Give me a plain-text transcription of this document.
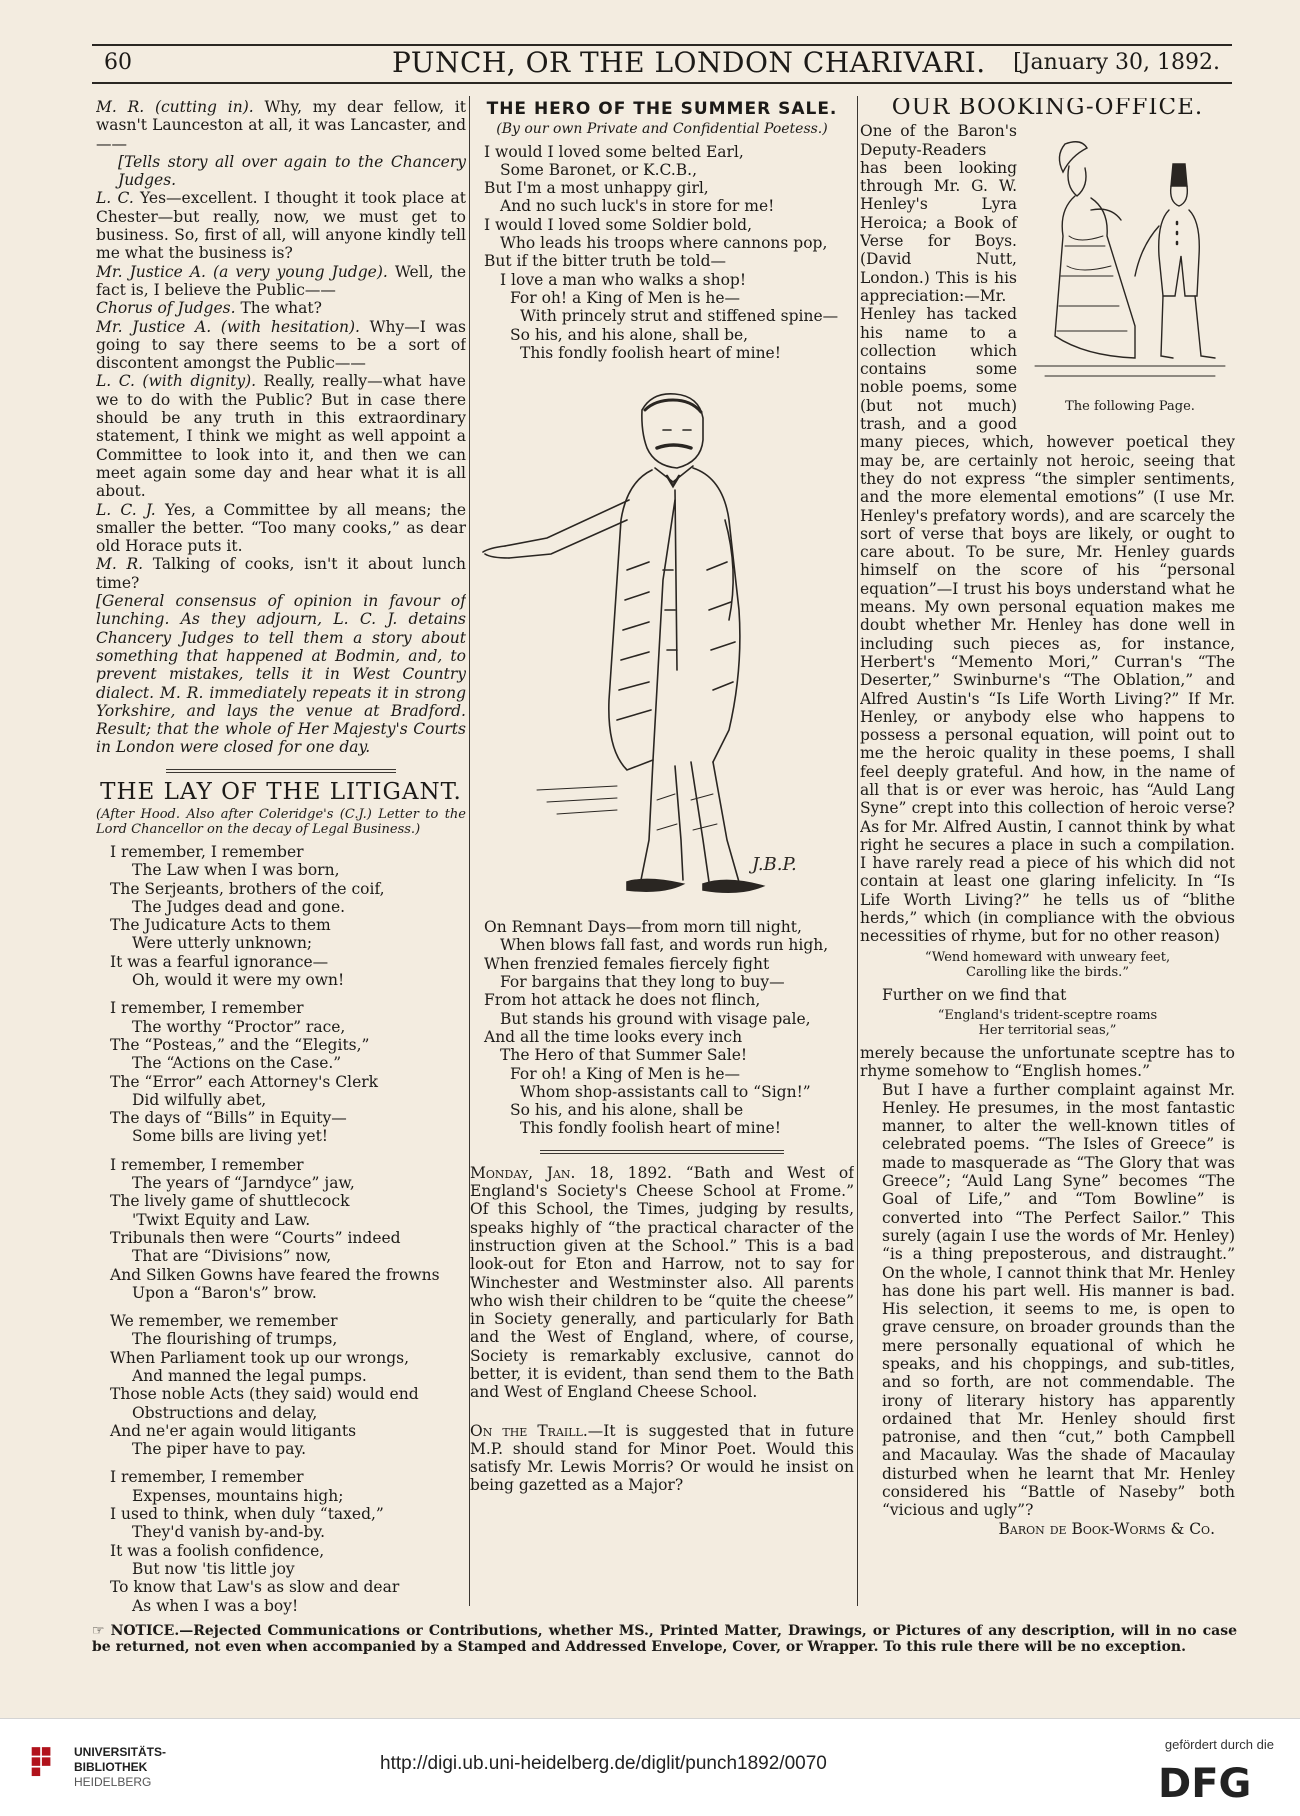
60	PUNCH, OR THE LONDON CHARIVARI. [January 30, 1892.

M. R. (cutting in). Why, my dear fellow, it wasn't Launceston at all, it was Lancaster, and——

[Tells story all over again to the Chancery Judges.

L. C. Yes—excellent. I thought it took place at Chester—but really, now, we must get to business. So, first of all, will anyone kindly tell me what the business is?

Mr. Justice A. (a very young Judge). Well, the fact is, I believe the Public——

Chorus of Judges. The what?

Mr. Justice A. (with hesitation). Why—I was going to say there seems to be a sort of discontent amongst the Public——

L. C. (with dignity). Really, really—what have we to do with the Public? But in case there should be any truth in this extraordinary statement, I think we might as well appoint a Committee to look into it, and then we can meet again some day and hear what it is all about.

L. C. J. Yes, a Committee by all means; the smaller the better. “Too many cooks,” as dear old Horace puts it.

M. R. Talking of cooks, isn't it about lunch time?

[General consensus of opinion in favour of lunching. As they adjourn, L. C. J. detains Chancery Judges to tell them a story about something that happened at Bodmin, and, to prevent mistakes, tells it in West Country dialect. M. R. immediately repeats it in strong Yorkshire, and lays the venue at Bradford. Result; that the whole of Her Majesty's Courts in London were closed for one day.

THE LAY OF THE LITIGANT.

(After Hood. Also after Coleridge's (C.J.) Letter to the Lord Chancellor on the decay of Legal Business.)

I remember, I remember

The Law when I was born,

The Serjeants, brothers of the coif,

The Judges dead and gone.

The Judicature Acts to them

Were utterly unknown;

It was a fearful ignorance—

Oh, would it were my own!

I remember, I remember

The worthy “Proctor” race,

The “Posteas,” and the “Elegits,”

The “Actions on the Case.”

The “Error” each Attorney's Clerk

Did wilfully abet,

The days of “Bills” in Equity—

Some bills are living yet!

I remember, I remember

The years of “Jarndyce” jaw,

The lively game of shuttlecock

'Twixt Equity and Law.

Tribunals then were “Courts” indeed

That are “Divisions” now,

And Silken Gowns have feared the frowns

Upon a “Baron's” brow.

We remember, we remember

The flourishing of trumps,

When Parliament took up our wrongs,

And manned the legal pumps.

Those noble Acts (they said) would end

Obstructions and delay,

And ne'er again would litigants

The piper have to pay.

I remember, I remember

Expenses, mountains high;

I used to think, when duly “taxed,”

They'd vanish by-and-by.

It was a foolish confidence,

But now 'tis little joy

To know that Law's as slow and dear

As when I was a boy!

THE HERO OF THE SUMMER SALE.
(By our own Private and Confidential Poetess.)

I would I loved some belted Earl,

Some Baronet, or K.C.B.,

But I'm a most unhappy girl,

And no such luck's in store for me!

I would I loved some Soldier bold,

Who leads his troops where cannons pop,

But if the bitter truth be told—

I love a man who walks a shop!

For oh! a King of Men is he—

With princely strut and stiffened spine—

So his, and his alone, shall be,

This fondly foolish heart of mine!

J.B.P.

On Remnant Days—from morn till night,

When blows fall fast, and words run high,

When frenzied females fiercely fight

For bargains that they long to buy—

From hot attack he does not flinch,

But stands his ground with visage pale,

And all the time looks every inch

The Hero of that Summer Sale!

For oh! a King of Men is he—

Whom shop-assistants call to “Sign!”

So his, and his alone, shall be

This fondly foolish heart of mine!

Monday, Jan. 18, 1892. “Bath and West of England's Society's Cheese School at Frome.” Of this School, the Times, judging by results, speaks highly of “the practical character of the instruction given at the School.” This is a bad look-out for Eton and Harrow, not to say for Winchester and Westminster also. All parents who wish their children to be “quite the cheese” in Society generally, and particularly for Bath and the West of England, where, of course, Society is remarkably exclusive, cannot do better, it is evident, than send them to the Bath and West of England Cheese School.

On the Traill.—It is suggested that in future M.P. should stand for Minor Poet. Would this satisfy Mr. Lewis Morris? Or would he insist on being gazetted as a Major?

OUR BOOKING-OFFICE.
The following Page.

One of the Baron's Deputy-Readers has been looking through Mr. G. W. Henley's Lyra Heroica; a Book of Verse for Boys. (David Nutt, London.) This is his appreciation:—Mr. Henley has tacked his name to a collection which contains some noble poems, some (but not much) trash, and a good many pieces, which, however poetical they may be, are certainly not heroic, seeing that they do not express “the simpler sentiments, and the more elemental emotions” (I use Mr. Henley's prefatory words), and are scarcely the sort of verse that boys are likely, or ought to care about. To be sure, Mr. Henley guards himself on the score of his “personal equation”—I trust his boys understand what he means. My own personal equation makes me doubt whether Mr. Henley has done well in including such pieces as, for instance, Herbert's “Memento Mori,” Curran's “The Deserter,” Swinburne's “The Oblation,” and Alfred Austin's “Is Life Worth Living?” If Mr. Henley, or anybody else who happens to possess a personal equation, will point out to me the heroic quality in these poems, I shall feel deeply grateful. And how, in the name of all that is or ever was heroic, has “Auld Lang Syne” crept into this collection of heroic verse? As for Mr. Alfred Austin, I cannot think by what right he secures a place in such a compilation. I have rarely read a piece of his which did not contain at least one glaring infelicity. In “Is Life Worth Living?” he tells us of “blithe herds,” which (in compliance with the obvious necessities of rhyme, but for no other reason)

“Wend homeward with unweary feet,
Carolling like the birds.”

Further on we find that

“England's trident-sceptre roams
Her territorial seas,”

merely because the unfortunate sceptre has to rhyme somehow to “English homes.”

But I have a further complaint against Mr. Henley. He presumes, in the most fantastic manner, to alter the well-known titles of celebrated poems. “The Isles of Greece” is made to masquerade as “The Glory that was Greece”; “Auld Lang Syne” becomes “The Goal of Life,” and “Tom Bowline” is converted into “The Perfect Sailor.” This surely (again I use the words of Mr. Henley) “is a thing preposterous, and distraught.” On the whole, I cannot think that Mr. Henley has done his part well. His manner is bad. His selection, it seems to me, is open to grave censure, on broader grounds than the mere personally equational of which he speaks, and his choppings, and sub-titles, and so forth, are not commendable. The irony of literary history has apparently ordained that Mr. Henley should first patronise, and then “cut,” both Campbell and Macaulay. Was the shade of Macaulay disturbed when he learnt that Mr. Henley considered his “Battle of Naseby” both “vicious and ugly”?

Baron de Book-Worms & Co.

☞ NOTICE.—Rejected Communications or Contributions, whether MS., Printed Matter, Drawings, or Pictures of any description, will in no case be returned, not even when accompanied by a Stamped and Addressed Envelope, Cover, or Wrapper. To this rule there will be no exception.
UNIVERSITÄTS-
BIBLIOTHEK
HEIDELBERG
http://digi.ub.uni-heidelberg.de/diglit/punch1892/0070
gefördert durch die
DFG
